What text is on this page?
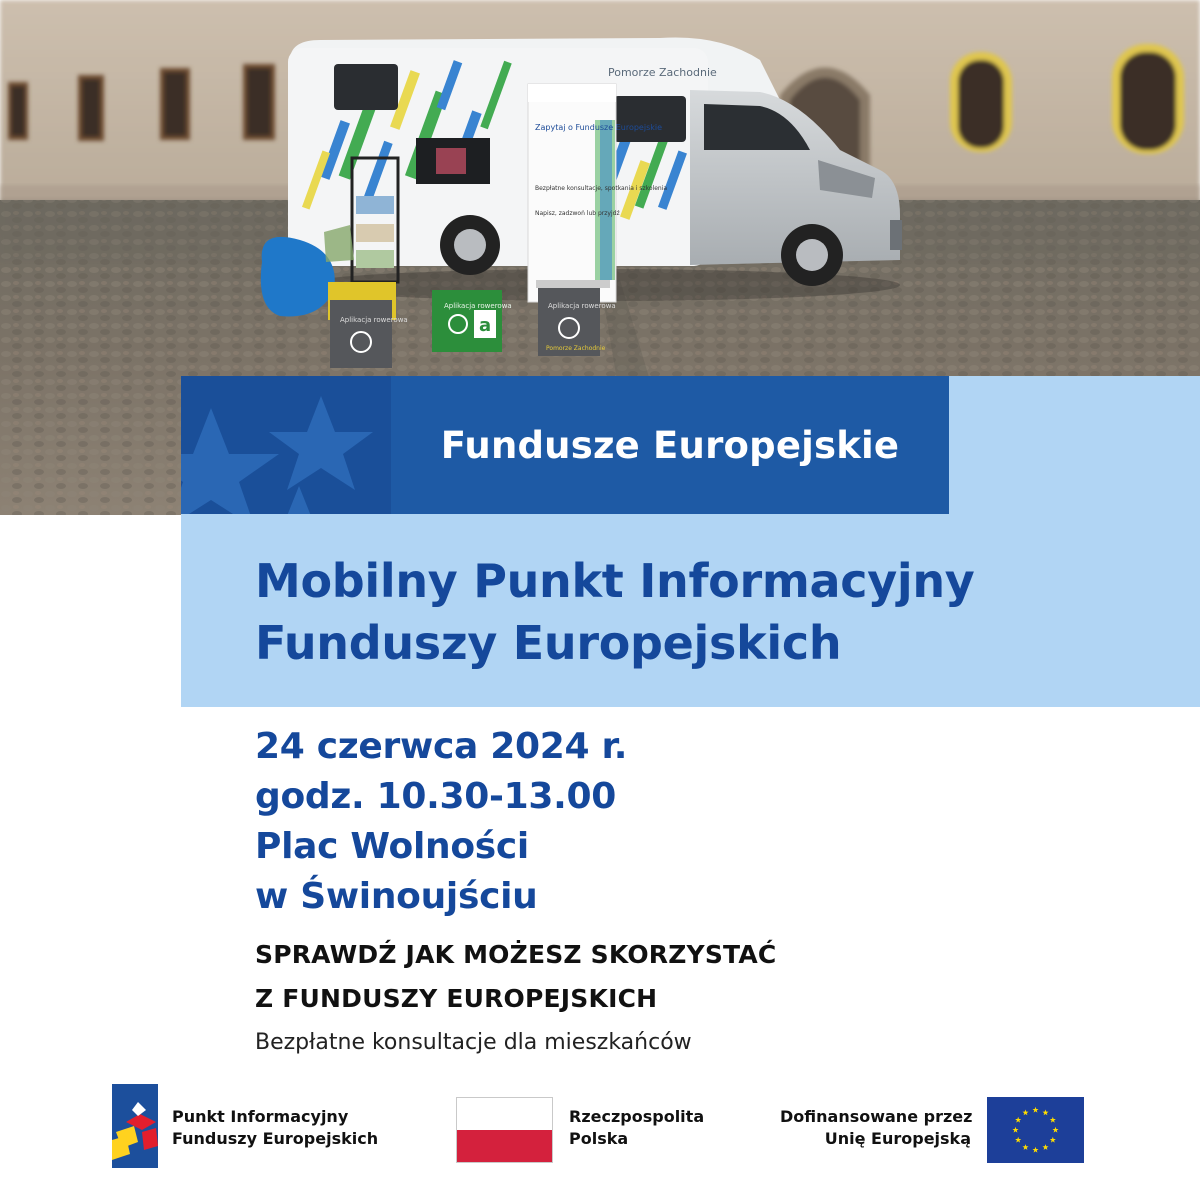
Pomorze Zachodnie
Zapytaj o Fundusze Europejskie
Bezpłatne konsultacje, spotkania i szkolenia
Napisz, zadzwoń lub przyjdź
Aplikacja rowerowa
Aplikacja rowerowa
a
Aplikacja rowerowa
Pomorze Zachodnie
Fundusze Europejskie
Mobilny Punkt Informacyjny
Funduszy Europejskich
24 czerwca 2024 r.
godz. 10.30-13.00
Plac Wolności
w Świnoujściu
SPRAWDŹ JAK MOŻESZ SKORZYSTAĆ
Z FUNDUSZY EUROPEJSKICH
Bezpłatne konsultacje dla mieszkańców
Punkt Informacyjny
Funduszy Europejskich
Rzeczpospolita
Polska
Dofinansowane przez
Unię Europejską
